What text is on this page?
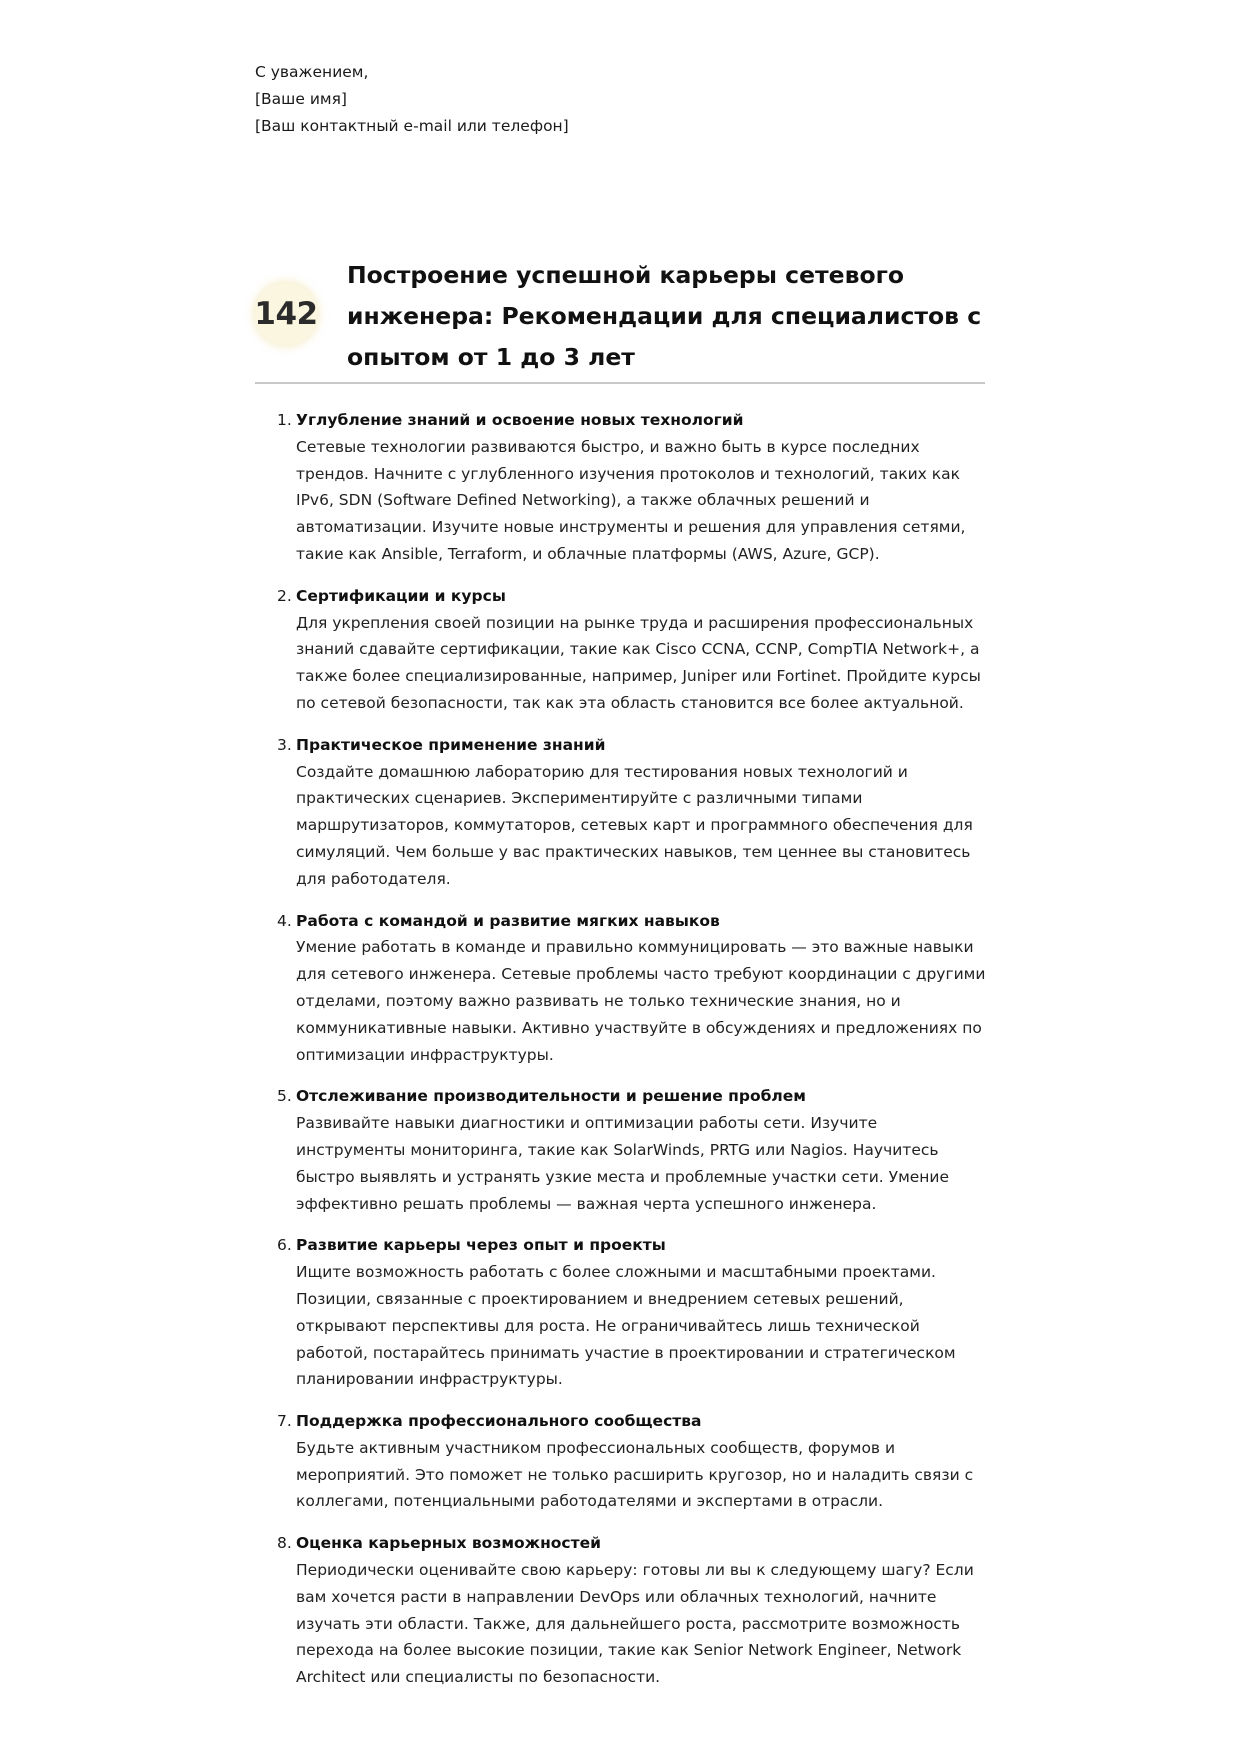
С уважением,
[Ваше имя]
[Ваш контактный e-mail или телефон]
142
Построение успешной карьеры сетевого инженера: Рекомендации для специалистов с опытом от 1 до 3 лет
1. Углубление знаний и освоение новых технологий
Сетевые технологии развиваются быстро, и важно быть в курсе последних трендов. Начните с углубленного изучения протоколов и технологий, таких как IPv6, SDN (Software Defined Networking), а также облачных решений и автоматизации. Изучите новые инструменты и решения для управления сетями, такие как Ansible, Terraform, и облачные платформы (AWS, Azure, GCP).
2. Сертификации и курсы
Для укрепления своей позиции на рынке труда и расширения профессиональных знаний сдавайте сертификации, такие как Cisco CCNA, CCNP, CompTIA Network+, а также более специализированные, например, Juniper или Fortinet. Пройдите курсы по сетевой безопасности, так как эта область становится все более актуальной.
3. Практическое применение знаний
Создайте домашнюю лабораторию для тестирования новых технологий и практических сценариев. Экспериментируйте с различными типами маршрутизаторов, коммутаторов, сетевых карт и программного обеспечения для симуляций. Чем больше у вас практических навыков, тем ценнее вы становитесь для работодателя.
4. Работа с командой и развитие мягких навыков
Умение работать в команде и правильно коммуницировать — это важные навыки для сетевого инженера. Сетевые проблемы часто требуют координации с другими отделами, поэтому важно развивать не только технические знания, но и коммуникативные навыки. Активно участвуйте в обсуждениях и предложениях по оптимизации инфраструктуры.
5. Отслеживание производительности и решение проблем
Развивайте навыки диагностики и оптимизации работы сети. Изучите инструменты мониторинга, такие как SolarWinds, PRTG или Nagios. Научитесь быстро выявлять и устранять узкие места и проблемные участки сети. Умение эффективно решать проблемы — важная черта успешного инженера.
6. Развитие карьеры через опыт и проекты
Ищите возможность работать с более сложными и масштабными проектами. Позиции, связанные с проектированием и внедрением сетевых решений, открывают перспективы для роста. Не ограничивайтесь лишь технической работой, постарайтесь принимать участие в проектировании и стратегическом планировании инфраструктуры.
7. Поддержка профессионального сообщества
Будьте активным участником профессиональных сообществ, форумов и мероприятий. Это поможет не только расширить кругозор, но и наладить связи с коллегами, потенциальными работодателями и экспертами в отрасли.
8. Оценка карьерных возможностей
Периодически оценивайте свою карьеру: готовы ли вы к следующему шагу? Если вам хочется расти в направлении DevOps или облачных технологий, начните изучать эти области. Также, для дальнейшего роста, рассмотрите возможность перехода на более высокие позиции, такие как Senior Network Engineer, Network Architect или специалисты по безопасности.
